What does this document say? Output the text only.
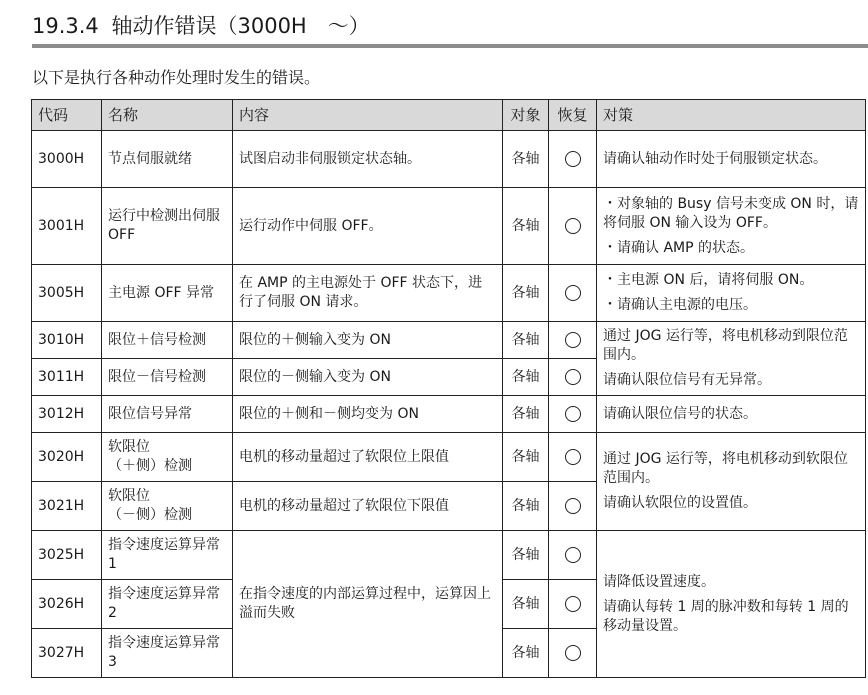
19.3.4 轴动作错误（3000H　～）
以下是执行各种动作处理时发生的错误。
代码	名称	内容	对象	恢复	对策
3000H	节点伺服就绪	试图启动非伺服锁定状态轴。	各轴		请确认轴动作时处于伺服锁定状态。
3001H	运行中检测出伺服 OFF	运行动作中伺服 OFF。	各轴		・对象轴的 Busy 信号未变成 ON 时，请将伺服 ON 输入设为 OFF。
・请确认 AMP 的状态。

3005H	主电源 OFF 异常	在 AMP 的主电源处于 OFF 状态下，进行了伺服 ON 请求。	各轴		・主电源 ON 后，请将伺服 ON。
・请确认主电源的电压。

3010H	限位＋信号检测	限位的＋侧输入变为 ON	各轴		通过 JOG 运行等，将电机移动到限位范围内。
请确认限位信号有无异常。

3011H	限位－信号检测	限位的－侧输入变为 ON	各轴		
3012H	限位信号异常	限位的＋侧和－侧均变为 ON	各轴		请确认限位信号的状态。
3020H	软限位
（＋侧）检测	电机的移动量超过了软限位上限值	各轴		通过 JOG 运行等，将电机移动到软限位范围内。
请确认软限位的设置值。

3021H	软限位
（－侧）检测	电机的移动量超过了软限位下限值	各轴		
3025H	指令速度运算异常 1	在指令速度的内部运算过程中，运算因上溢而失败	各轴		请降低设置速度。
请确认每转 1 周的脉冲数和每转 1 周的移动量设置。

3026H	指令速度运算异常 2		各轴		
3027H	指令速度运算异常 3		各轴		
